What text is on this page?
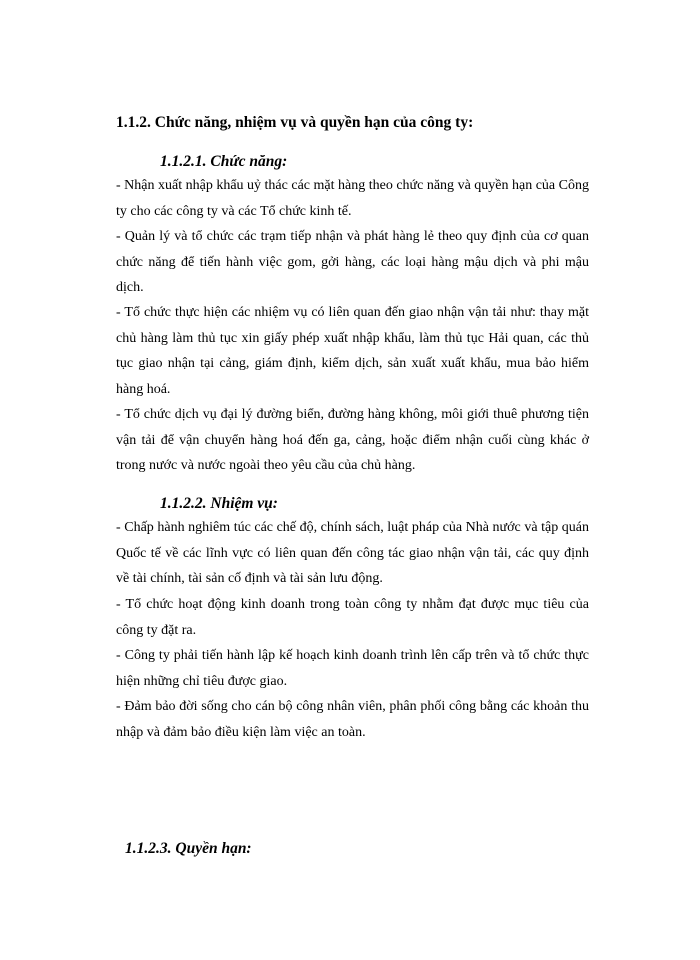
1.1.2. Chức năng, nhiệm vụ và quyền hạn của công ty:
1.1.2.1. Chức năng:

- Nhận xuất nhập khẩu uỷ thác các mặt hàng theo chức năng và quyền hạn của Công ty cho các công ty và các Tổ chức kinh tế.

- Quản lý và tổ chức các trạm tiếp nhận và phát hàng lẻ theo quy định của cơ quan chức năng để tiến hành việc gom, gởi hàng, các loại hàng mậu dịch và phi mậu dịch.

- Tổ chức thực hiện các nhiệm vụ có liên quan đến giao nhận vận tải như: thay mặt chủ hàng làm thủ tục xin giấy phép xuất nhập khẩu, làm thủ tục Hải quan, các thủ tục giao nhận tại cảng, giám định, kiểm dịch, sản xuất xuất khẩu, mua bảo hiểm hàng hoá.

- Tổ chức dịch vụ đại lý đường biển, đường hàng không, môi giới thuê phương tiện vận tải để vận chuyển hàng hoá đến ga, cảng, hoặc điểm nhận cuối cùng khác ở trong nước và nước ngoài theo yêu cầu của chủ hàng.

1.1.2.2. Nhiệm vụ:

- Chấp hành nghiêm túc các chế độ, chính sách, luật pháp của Nhà nước và tập quán Quốc tế về các lĩnh vực có liên quan đến công tác giao nhận vận tải, các quy định về tài chính, tài sản cố định và tài sản lưu động.

- Tổ chức hoạt động kinh doanh trong toàn công ty nhằm đạt được mục tiêu của công ty đặt ra.

- Công ty phải tiến hành lập kế hoạch kinh doanh trình lên cấp trên và tổ chức thực hiện những chỉ tiêu được giao.

- Đảm bảo đời sống cho cán bộ công nhân viên, phân phối công bằng các khoản thu nhập và đảm bảo điều kiện làm việc an toàn.

1.1.2.3. Quyền hạn:
